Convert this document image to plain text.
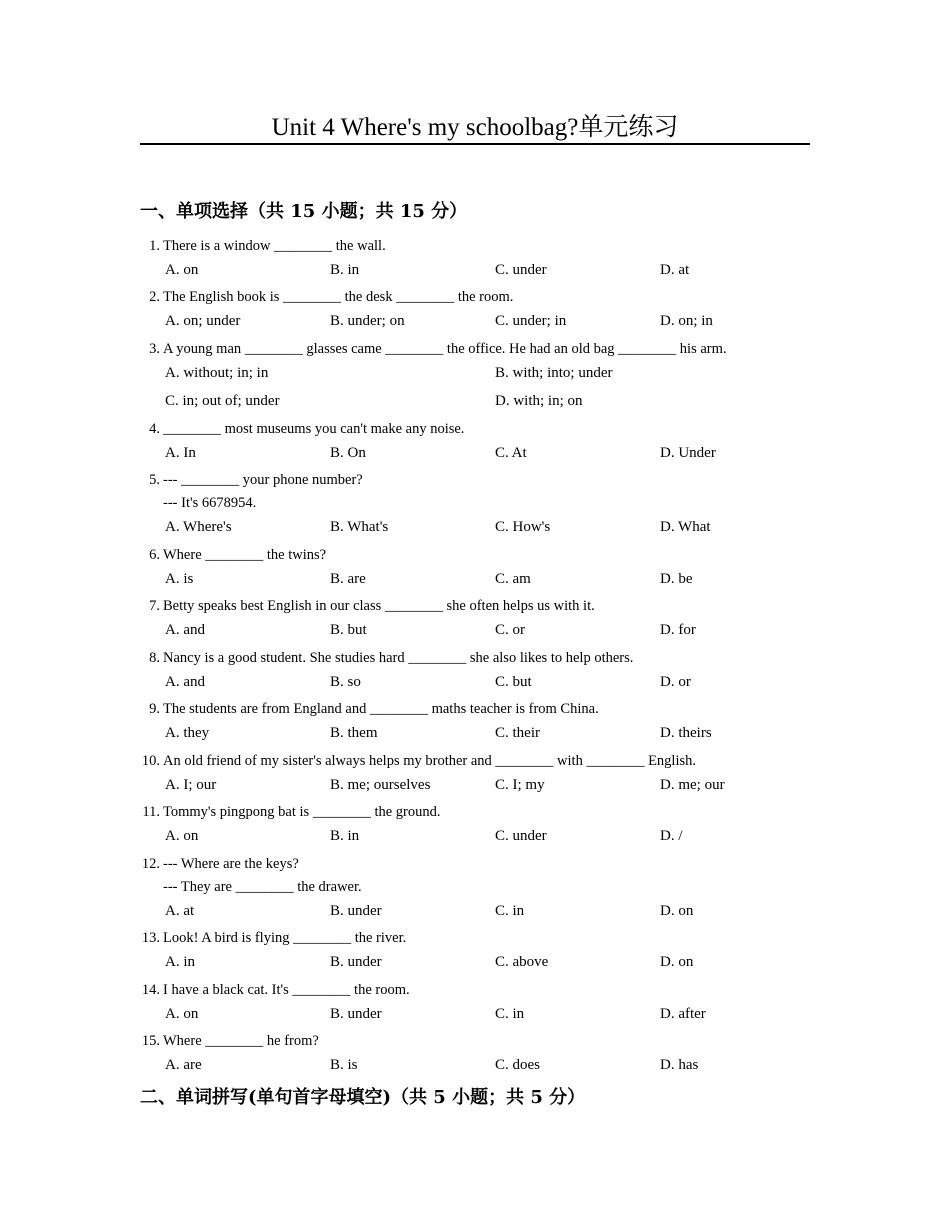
Unit 4 Where's my schoolbag?单元练习
一、单项选择（共 15 小题；共 15 分）
二、单词拼写(单句首字母填空)（共 5 小题；共 5 分）
1. There is a window ________ the wall.
A. on	B. in	C. under	D. at
2. The English book is ________ the desk ________ the room.
A. on; under	B. under; on	C. under; in	D. on; in
3. A young man ________ glasses came ________ the office. He had an old bag ________ his arm.
A. without; in; in	B. with; into; under
C. in; out of; under	D. with; in; on
4. ________ most museums you can't make any noise.
A. In	B. On	C. At	D. Under
5. --- ________ your phone number?
--- It's 6678954.
A. Where's	B. What's	C. How's	D. What
6. Where ________ the twins?
A. is	B. are	C. am	D. be
7. Betty speaks best English in our class ________ she often helps us with it.
A. and	B. but	C. or	D. for
8. Nancy is a good student. She studies hard ________ she also likes to help others.
A. and	B. so	C. but	D. or
9. The students are from England and ________ maths teacher is from China.
A. they	B. them	C. their	D. theirs
10. An old friend of my sister's always helps my brother and ________ with ________ English.
A. I; our	B. me; ourselves	C. I; my	D. me; our
11. Tommy's pingpong bat is ________ the ground.
A. on	B. in	C. under	D. /
12. --- Where are the keys?
--- They are ________ the drawer.
A. at	B. under	C. in	D. on
13. Look! A bird is flying ________ the river.
A. in	B. under	C. above	D. on
14. I have a black cat. It's ________ the room.
A. on	B. under	C. in	D. after
15. Where ________ he from?
A. are	B. is	C. does	D. has
